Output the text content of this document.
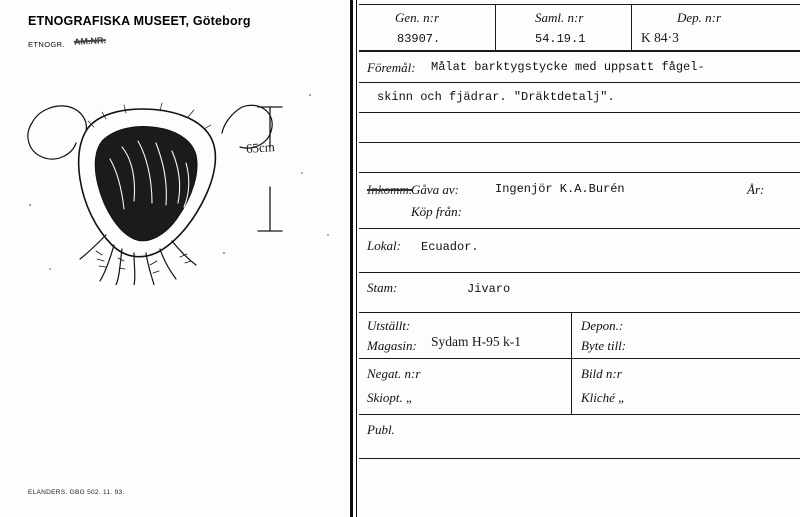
ETNOGRAFISKA MUSEET, Göteborg
ETNOGR. AM.NR.
65cm
ELANDERS. GBG 502. 11. 93.
Gen. n:r
83907.
Saml. n:r
54.19.1
Dep. n:r
K 84·3
Föremål: Målat barktygstycke med uppsatt fågel-
skinn och fjädrar. "Dräktdetalj".
Inkomm.
Gåva av:	Ingenjör K.A.Burén	År:
Köp från:
Lokal: Ecuador.
Stam:	Jivaro
Utställt:	Depon.:
Magasin: Sydam H-95 k-1	Byte till:
Negat. n:r	Bild n:r
Skiopt. „	Kliché „
Publ.
